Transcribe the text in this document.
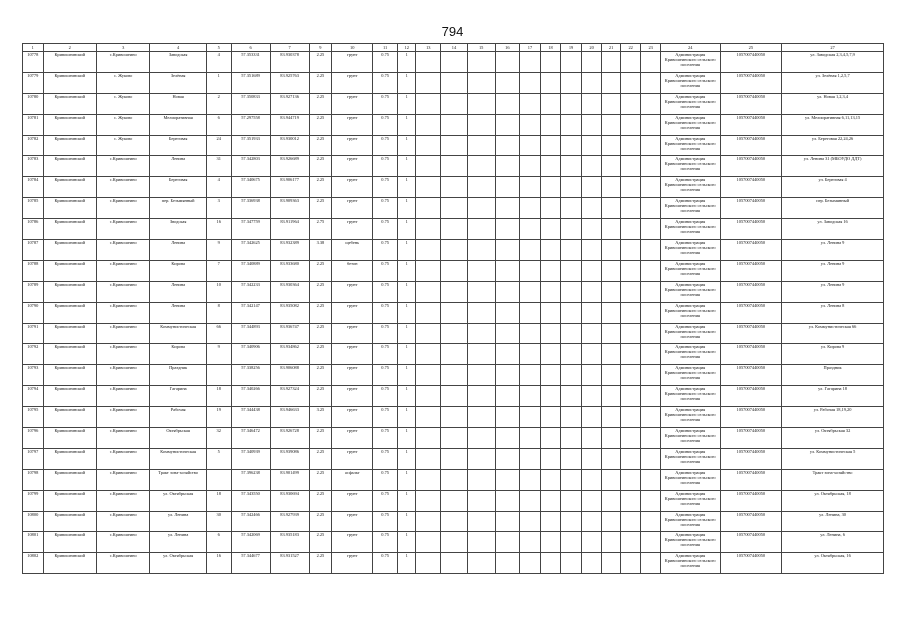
794
1	2	3	4	5	6	7	9	10	11	12	13	14	15	16	17	18	19	20	21	22	23	24	25	27
10778	Кривошеинский	с.Кривошеино	Заводская	4	57.353331	83.930378	2.25	грунт	0.75	1												Администрация Кривошеинского сельского поселения	1057007440050	ул. Заводская 2,3,4,5,7,9
10779	Кривошеинский	с. Жуково	Зелёная	1	57.351689	83.925763	2.25	грунт	0.75	1												Администрация Кривошеинского сельского поселения	1057007440050	ул. Зелёная 1,2,5,7
10780	Кривошеинский	с. Жуково	Новая	2	57.350833	83.927136	2.25	грунт	0.75	1												Администрация Кривошеинского сельского поселения	1057007440050	ул. Новая 1,2,3,4
10781	Кривошеинский	с. Жуково	Мелиоративная	6	57.297558	83.944719	2.25	грунт	0.75	1												Администрация Кривошеинского сельского поселения	1057007440050	ул. Мелиоративная 6,11,13,15
10782	Кривошеинский	с. Жуково	Береговая	24	57.351933	83.930012	2.25	грунт	0.75	1												Администрация Кривошеинского сельского поселения	1057007440050	ул. Береговая 22,24,26
10783	Кривошеинский	с.Кривошеино	Ленина	31	57.342803	83.926689	2.25	грунт	0.75	1												Администрация Кривошеинского сельского поселения	1057007440050	ул. Ленина 31 (МБОУДО ДДТ)
10784	Кривошеинский	с.Кривошеино	Береговая	4	57.340675	83.906177	2.25	грунт	0.75	1												Администрация Кривошеинского сельского поселения	1057007440050	ул. Береговая 4
10785	Кривошеинский	с.Кривошеино	пер. Безымянный	3	57.336938	83.909363	2.25	грунт	0.75	1												Администрация Кривошеинского сельского поселения	1057007440050	пер. Безымянный
10786	Кривошеинский	с.Кривошеино	Зводская	16	57.347759	83.911964	2.75	грунт	0.75	1												Администрация Кривошеинского сельского поселения	1057007440050	ул. Заводская 16
10787	Кривошеинский	с.Кривошеино	Ленина	9	57.342625	83.932389	3.38	щебень	0.75	1												Администрация Кривошеинского сельского поселения	1057007440050	ул. Ленина 9
10788	Кривошеинский	с.Кривошеино	Кирова	7	57.340889	83.933680	2.25	бетон	0.75	1												Администрация Кривошеинского сельского поселения	1057007440050	ул. Ленина 9
10789	Кривошеинский	с.Кривошеино	Ленина	10	57.342233	83.930364	2.25	грунт	0.75	1												Администрация Кривошеинского сельского поселения	1057007440050	ул. Ленина 9
10790	Кривошеинский	с.Кривошеино	Ленина	8	57.342147	83.935082	2.25	грунт	0.75	1												Администрация Кривошеинского сельского поселения	1057007440050	ул. Ленина 8
10791	Кривошеинский	с.Кривошеино	Коммунистическая	66	57.344893	83.936747	2.25	грунт	0.75	1												Администрация Кривошеинского сельского поселения	1057007440050	ул. Коммунистическая 66
10792	Кривошеинский	с.Кривошеино	Кирова	9	57.340906	83.934862	2.25	грунт	0.75	1												Администрация Кривошеинского сельского поселения	1057007440050	ул. Кирова 9
10793	Кривошеинский	с.Кривошеино	Праздник		57.338256	83.906088	2.25	грунт	0.75	1												Администрация Кривошеинского сельского поселения	1057007440050	Праздник
10794	Кривошеинский	с.Кривошеино	Гагарина	18	57.340266	83.927324	2.25	грунт	0.75	1												Администрация Кривошеинского сельского поселения	1057007440050	ул. Гагарина 18
10795	Кривошеинский	с.Кривошеино	Рабочая	19	57.344438	83.946633	3.25	грунт	0.75	1												Администрация Кривошеинского сельского поселения	1057007440050	ул. Рабочая 18,19,20
10796	Кривошеинский	с.Кривошеино	Октябрьская	32	57.346472	83.926728	2.25	грунт	0.75	1												Администрация Кривошеинского сельского поселения	1057007440050	ул. Октябрьская 32
10797	Кривошеинский	с.Кривошеино	Коммунистическая	5	57.340939	83.939086	2.25	грунт	0.75	1												Администрация Кривошеинского сельского поселения	1057007440050	ул. Коммунистическая 5
10798	Кривошеинский	с.Кривошеино	Тракт зона-хозяйство		57.396238	83.901499	2.25	асфальт	0.75	1												Администрация Кривошеинского сельского поселения	1057007440050	Тракт зона-хозяйство
10799	Кривошеинский	с.Кривошеино	ул. Октябрьская	18	57.343550	83.930694	2.25	грунт	0.75	1												Администрация Кривошеинского сельского поселения	1057007440050	ул. Октябрьская, 18
10800	Кривошеинский	с.Кривошеино	ул. Ленина	30	57.342466	83.927939	2.25	грунт	0.75	1												Администрация Кривошеинского сельского поселения	1057007440050	ул. Ленина, 30
10801	Кривошеинский	с.Кривошеино	ул. Ленина	6	57.342069	83.935183	2.25	грунт	0.75	1												Администрация Кривошеинского сельского поселения	1057007440050	ул. Ленина, 6
10802	Кривошеинский	с.Кривошеино	ул. Октябрьская	16	57.344677	83.931527	2.25	грунт	0.75	1												Администрация Кривошеинского сельского поселения	1057007440050	ул. Октябрьская, 16
